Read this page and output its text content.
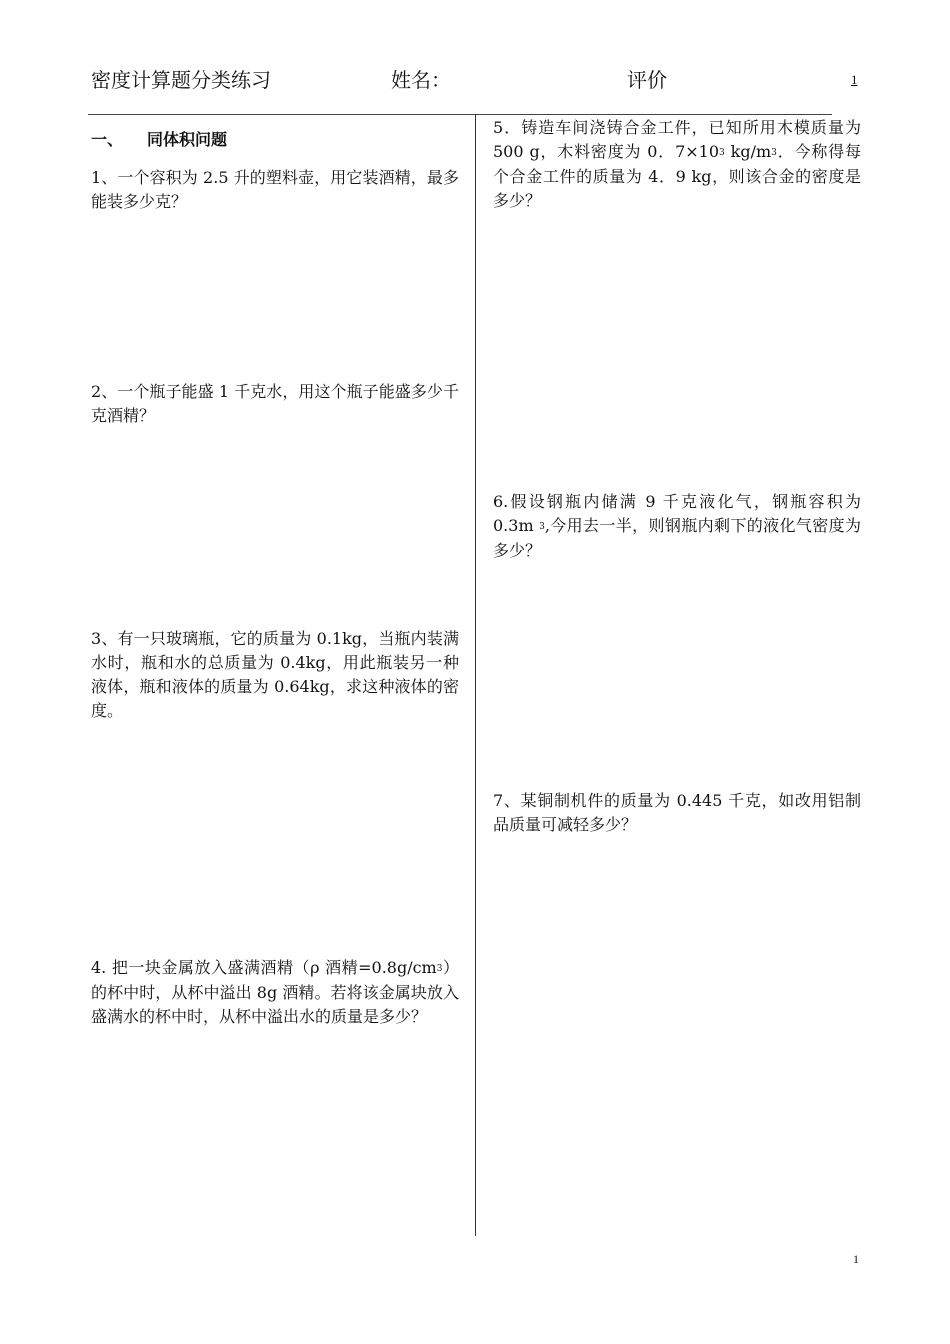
密度计算题分类练习	姓名：	评价	1
一、 同体积问题
1、一个容积为 2.5 升的塑料壶，用它装酒精，最多能装多少克？
2、一个瓶子能盛 1 千克水，用这个瓶子能盛多少千克酒精？
3、有一只玻璃瓶，它的质量为 0.1kg，当瓶内装满水时，瓶和水的总质量为 0.4kg，用此瓶装另一种液体，瓶和液体的质量为 0.64kg，求这种液体的密度。
4. 把一块金属放入盛满酒精（ρ 酒精$=0.8g/cm^3$）的杯中时，从杯中溢出 8g 酒精。若将该金属块放入盛满水的杯中时，从杯中溢出水的质量是多少？
5．铸造车间浇铸合金工件，已知所用木模质量为 500 g，木料密度为 0．$7\times 10^3$ $kg/m^3$．今称得每个合金工件的质量为 4．9 kg，则该合金的密度是多少？
6.假设钢瓶内储满 9 千克液化气，钢瓶容积为 0.3m $^3$,今用去一半，则钢瓶内剩下的液化气密度为多少？
7、某铜制机件的质量为 0.445 千克，如改用铝制品质量可减轻多少？
1
